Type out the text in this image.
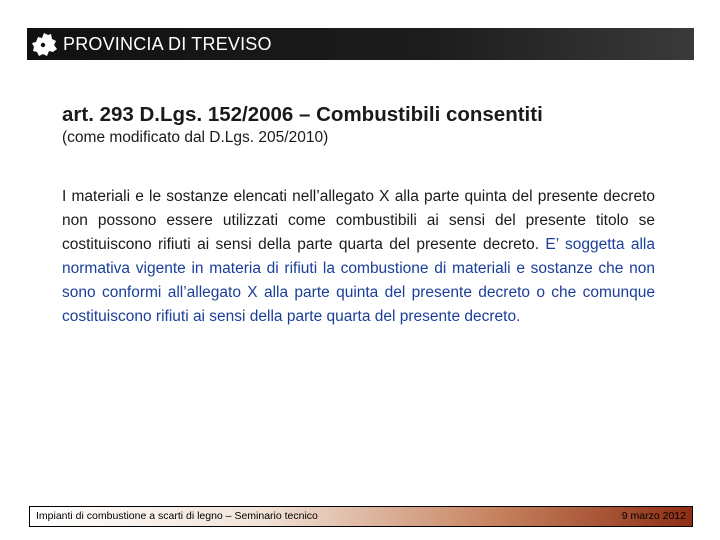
PROVINCIA DI TREVISO
art. 293 D.Lgs. 152/2006 – Combustibili consentiti
(come modificato dal D.Lgs. 205/2010)
I materiali e le sostanze elencati nell’allegato X alla parte quinta del presente decreto non possono essere utilizzati come combustibili ai sensi del presente titolo se costituiscono rifiuti ai sensi della parte quarta del presente decreto. E’ soggetta alla normativa vigente in materia di rifiuti la combustione di materiali e sostanze che non sono conformi all’allegato X alla parte quinta del presente decreto o che comunque costituiscono rifiuti ai sensi della parte quarta del presente decreto.
Impianti di combustione a scarti di legno – Seminario tecnico	9 marzo 2012
